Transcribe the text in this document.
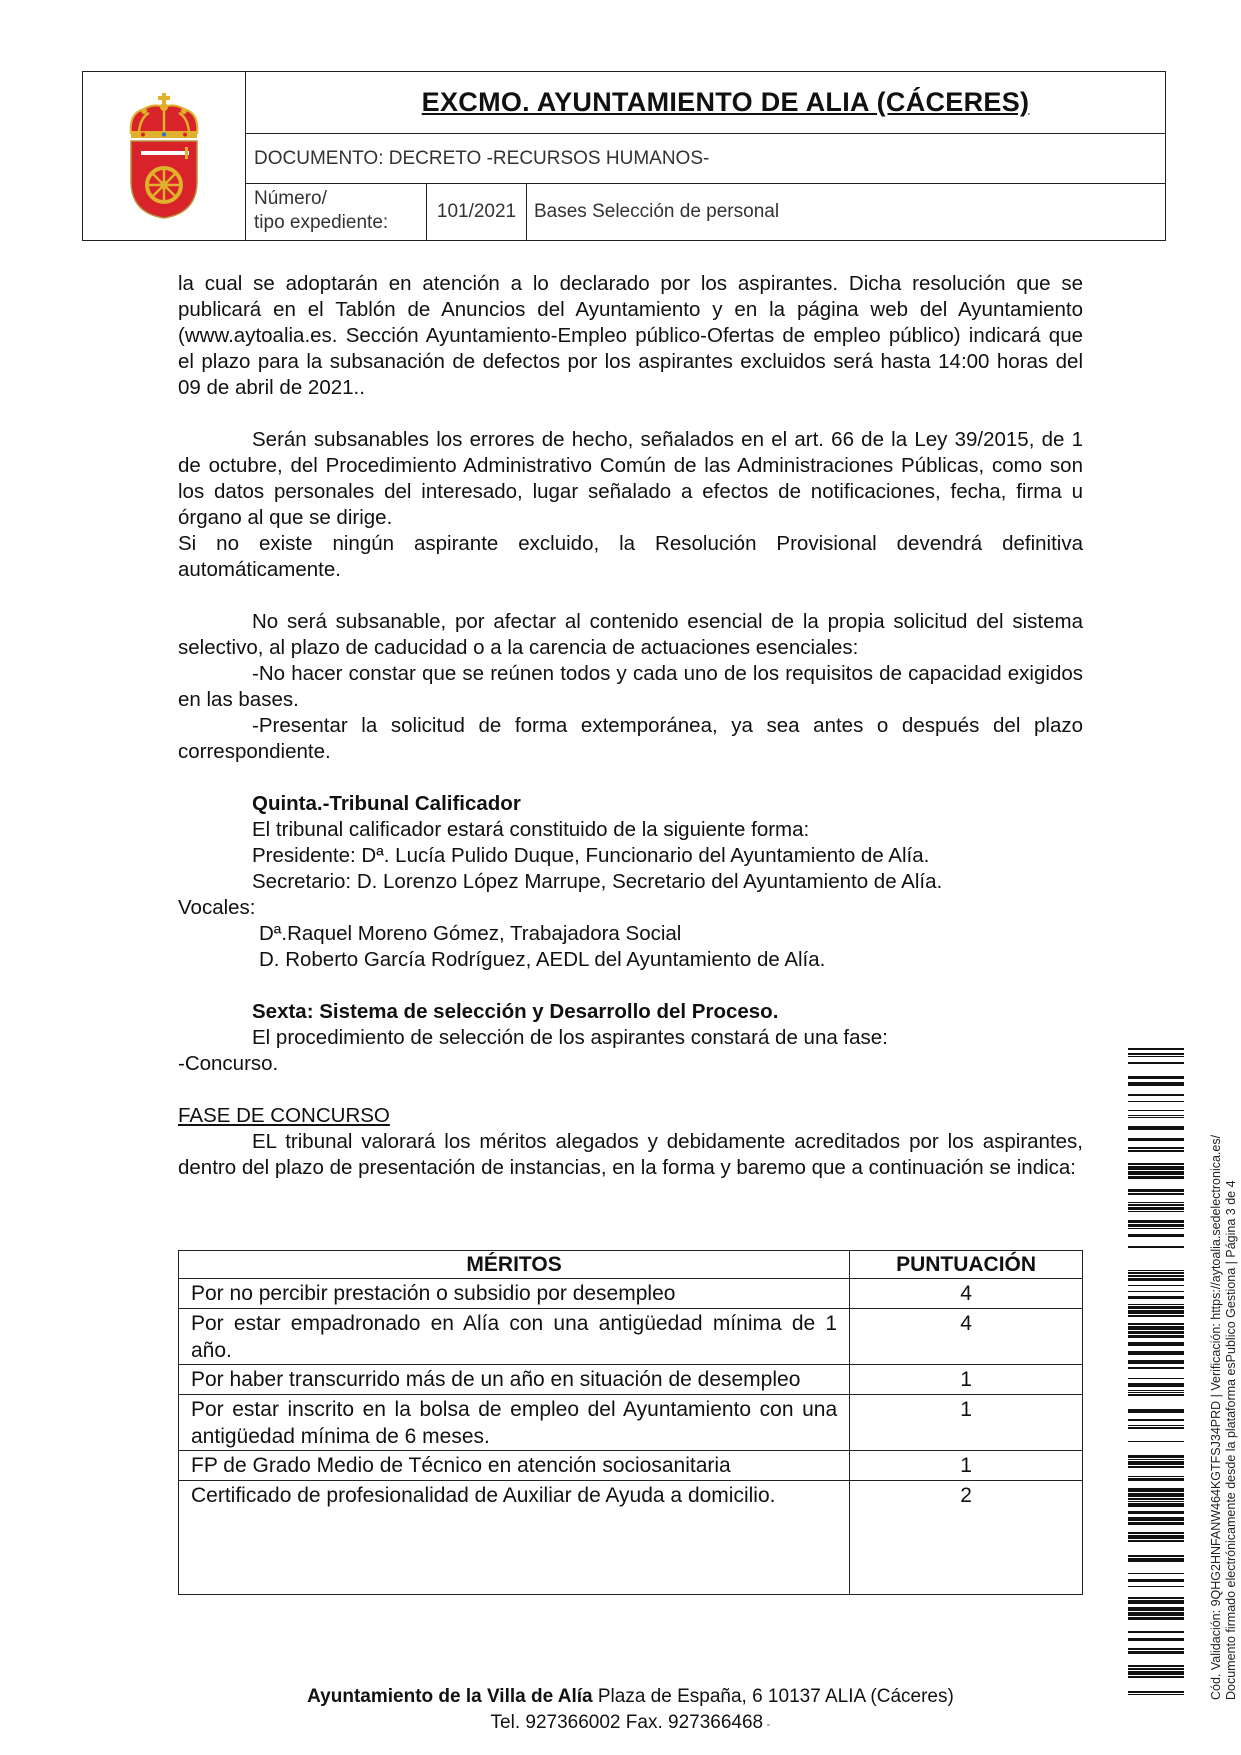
EXCMO. AYUNTAMIENTO DE ALIA (CÁCERES)
DOCUMENTO: DECRETO -RECURSOS HUMANOS-
Número/
tipo expediente:
101/2021 Bases Selección de personal

la cual se adoptarán en atención a lo declarado por los aspirantes. Dicha resolución que se publicará en el Tablón de Anuncios del Ayuntamiento y en la página web del Ayuntamiento (www.aytoalia.es. Sección Ayuntamiento-Empleo público-Ofertas de empleo público) indicará que el plazo para la subsanación de defectos por los aspirantes excluidos será hasta 14:00 horas del 09 de abril de 2021..

Serán subsanables los errores de hecho, señalados en el art. 66 de la Ley 39/2015, de 1 de octubre, del Procedimiento Administrativo Común de las Administraciones Públicas, como son los datos personales del interesado, lugar señalado a efectos de notificaciones, fecha, firma u órgano al que se dirige.

Si no existe ningún aspirante excluido, la Resolución Provisional devendrá definitiva automáticamente.

No será subsanable, por afectar al contenido esencial de la propia solicitud del sistema selectivo, al plazo de caducidad o a la carencia de actuaciones esenciales:

-No hacer constar que se reúnen todos y cada uno de los requisitos de capacidad exigidos en las bases.

-Presentar la solicitud de forma extemporánea, ya sea antes o después del plazo correspondiente.

Quinta.-Tribunal Calificador

El tribunal calificador estará constituido de la siguiente forma:

Presidente: Dª. Lucía Pulido Duque, Funcionario del Ayuntamiento de Alía.

Secretario: D. Lorenzo López Marrupe, Secretario del Ayuntamiento de Alía.

Vocales:

Dª.Raquel Moreno Gómez, Trabajadora Social

D. Roberto García Rodríguez, AEDL del Ayuntamiento de Alía.

Sexta: Sistema de selección y Desarrollo del Proceso.

El procedimiento de selección de los aspirantes constará de una fase:

-Concurso.

FASE DE CONCURSO

EL tribunal valorará los méritos alegados y debidamente acreditados por los aspirantes, dentro del plazo de presentación de instancias, en la forma y baremo que a continuación se indica:

MÉRITOS	PUNTUACIÓN
Por no percibir prestación o subsidio por desempleo	4
Por estar empadronado en Alía con una antigüedad mínima de 1 año.	4
Por haber transcurrido más de un año en situación de desempleo	1
Por estar inscrito en la bolsa de empleo del Ayuntamiento con una antigüedad mínima de 6 meses.	1
FP de Grado Medio de Técnico en atención sociosanitaria	1
Certificado de profesionalidad de Auxiliar de Ayuda a domicilio.	2
Ayuntamiento de la Villa de Alía Plaza de España, 6 10137 ALIA (Cáceres)
Tel. 927366002 Fax. 927366468 -
Cód. Validación: 9QHG2HNFANW464KGTFSJ34PRD | Verificación: https://aytoalia.sedelectronica.es/ Documento firmado electrónicamente desde la plataforma esPublico Gestiona | Página 3 de 4
